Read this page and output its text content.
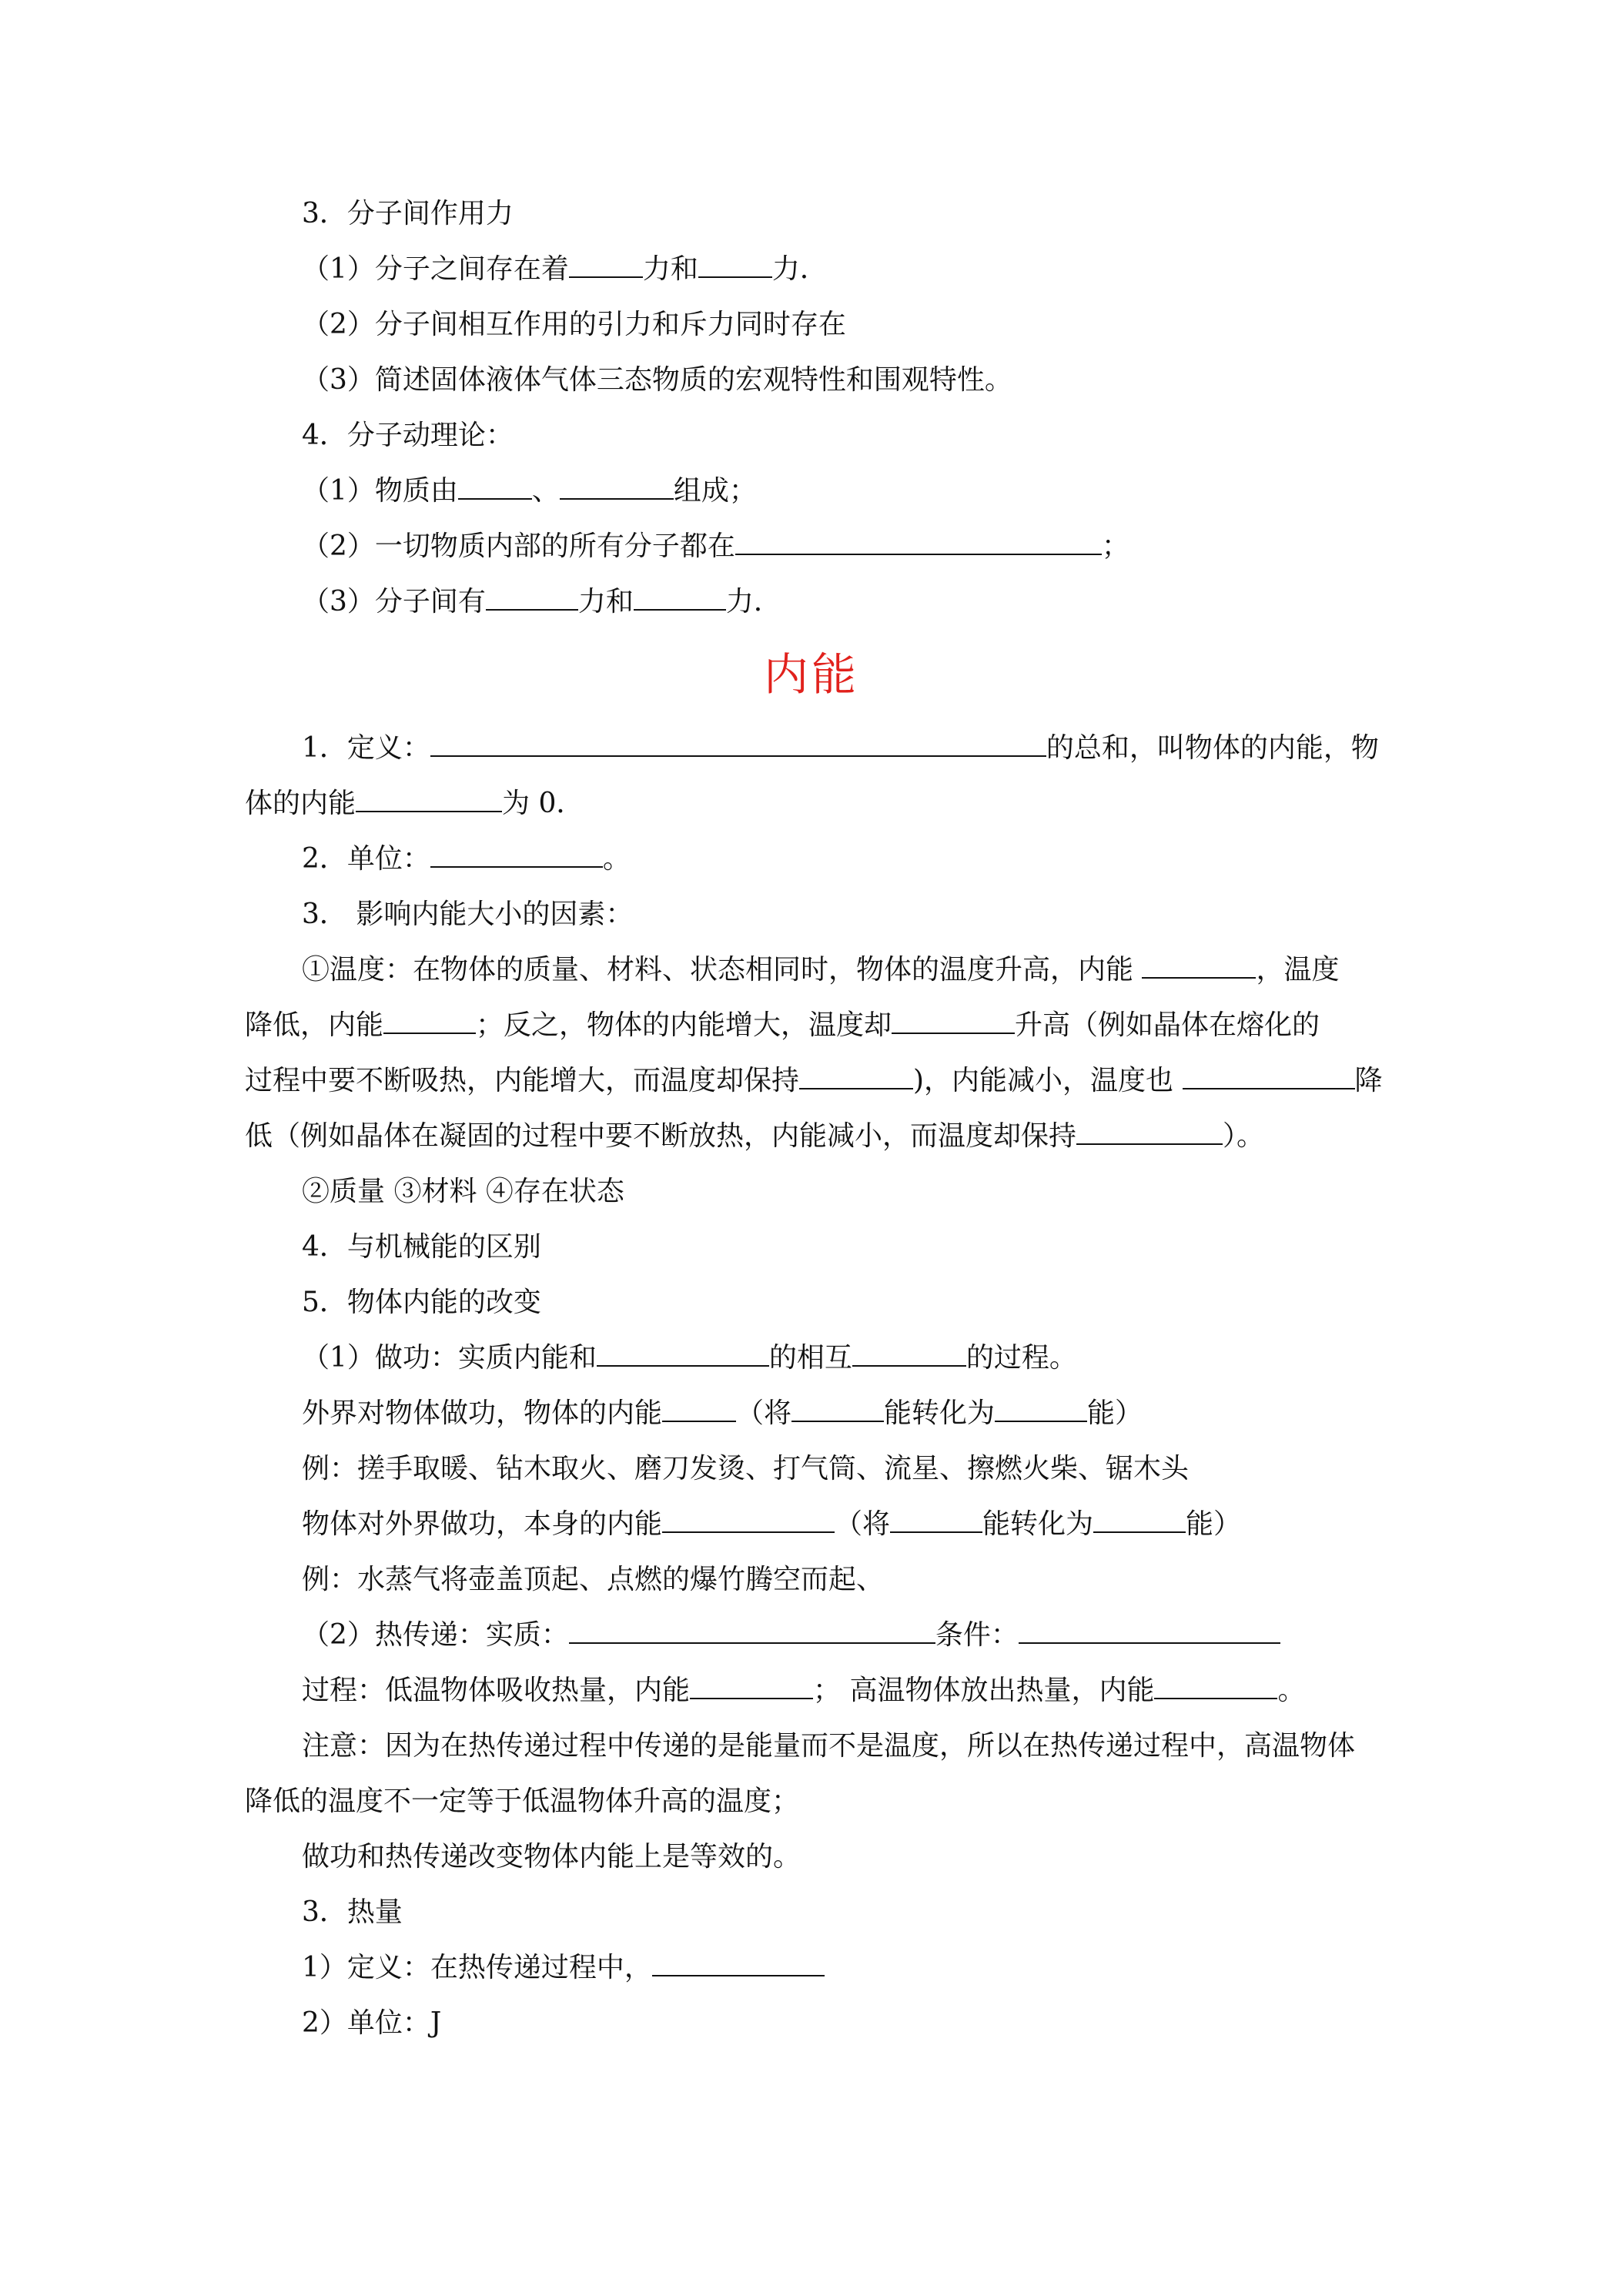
3．分子间作用力
（1）分子之间存在着	力和	力．
（2）分子间相互作用的引力和斥力同时存在
（3）简述固体液体气体三态物质的宏观特性和围观特性。
4．分子动理论：
（1）物质由	、	组成；
（2）一切物质内部的所有分子都在	；
（3）分子间有	力和	力．
内能
1．定义：	的总和，叫物体的内能，物
体的内能	为 0．
2．单位：	。
3． 影响内能大小的因素：
①温度：在物体的质量、材料、状态相同时，物体的温度升高，内能	，温度
降低，内能	；反之，物体的内能增大，温度却	升高（例如晶体在熔化的
过程中要不断吸热，内能增大，而温度却保持	)，内能减小，温度也	降
低（例如晶体在凝固的过程中要不断放热，内能减小，而温度却保持	）。
②质量 ③材料 ④存在状态
4．与机械能的区别
5．物体内能的改变
（1）做功：实质内能和	的相互	的过程。
外界对物体做功，物体的内能	（将	能转化为	能）
例：搓手取暖、钻木取火、磨刀发烫、打气筒、流星、擦燃火柴、锯木头
物体对外界做功，本身的内能	（将	能转化为	能）
例：水蒸气将壶盖顶起、点燃的爆竹腾空而起、
（2）热传递：实质：	条件：
过程：低温物体吸收热量，内能	； 高温物体放出热量，内能	。
注意：因为在热传递过程中传递的是能量而不是温度，所以在热传递过程中，高温物体
降低的温度不一定等于低温物体升高的温度；
做功和热传递改变物体内能上是等效的。
3．热量
1）定义：在热传递过程中，
2）单位：J
